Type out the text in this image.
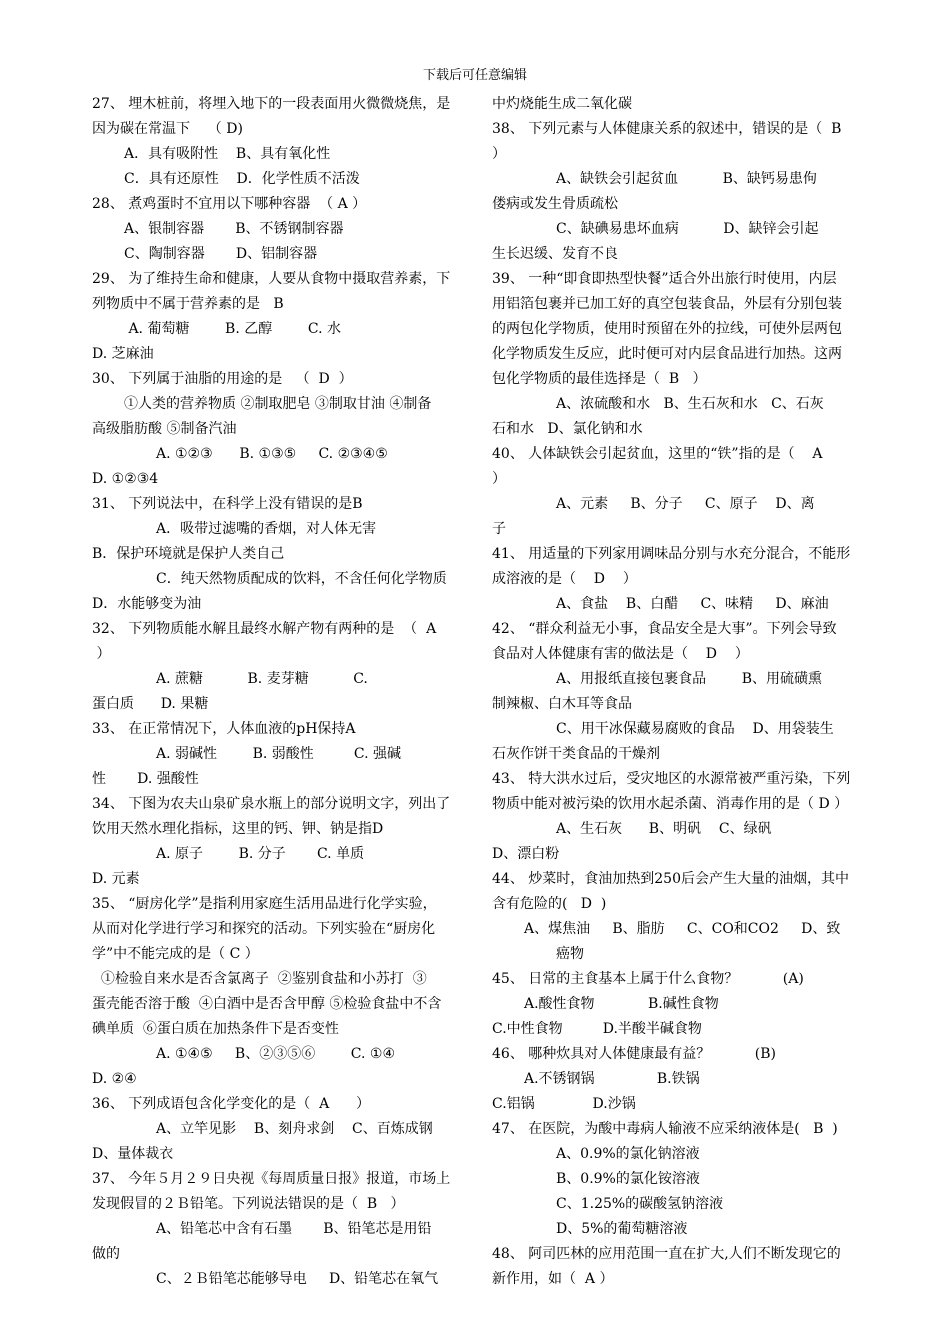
下载后可任意编辑
27、 埋木桩前，将埋入地下的一段表面用火微微烧焦，是
因为碳在常温下    （ D)
A．具有吸附性    B、具有氧化性
C．具有还原性    D．化学性质不活泼
28、 煮鸡蛋时不宜用以下哪种容器  （ A ）
A、银制容器       B、不锈钢制容器
C、陶制容器       D、铝制容器
29、 为了维持生命和健康，人要从食物中摄取营养素，下
列物质中不属于营养素的是   B
A. 葡萄糖        B. 乙醇        C. 水
D. 芝麻油
30、 下列属于油脂的用途的是   （  D  ）
①人类的营养物质 ②制取肥皂 ③制取甘油 ④制备
高级脂肪酸 ⑤制备汽油
A. ①②③      B. ①③⑤     C. ②③④⑤
D. ①②③4
31、 下列说法中，在科学上没有错误的是B
A．吸带过滤嘴的香烟，对人体无害
B．保护环境就是保护人类自己
C．纯天然物质配成的饮料，不含任何化学物质
D．水能够变为油
32、 下列物质能水解且最终水解产物有两种的是  （  A
）
A. 蔗糖          B. 麦芽糖          C.
蛋白质      D. 果糖
33、 在正常情况下，人体血液的pH保持A
A. 弱碱性        B. 弱酸性         C. 强碱
性       D. 强酸性
34、 下图为农夫山泉矿泉水瓶上的部分说明文字，列出了
饮用天然水理化指标，这里的钙、钾、钠是指D
A. 原子        B. 分子       C. 单质
D. 元素
35、 “厨房化学”是指利用家庭生活用品进行化学实验，
从而对化学进行学习和探究的活动。下列实验在“厨房化
学”中不能完成的是（ C ）
①检验自来水是否含氯离子  ②鉴别食盐和小苏打  ③
蛋壳能否溶于酸  ④白酒中是否含甲醇 ⑤检验食盐中不含
碘单质  ⑥蛋白质在加热条件下是否变性
A. ①④⑤     B、②③⑤⑥        C. ①④
D. ②④
36、 下列成语包含化学变化的是（  A      ）
A、立竿见影    B、刻舟求剑    C、百炼成钢
D、量体裁衣
37、 今年５月２９日央视《每周质量日报》报道，市场上
发现假冒的２Ｂ铅笔。下列说法错误的是（  B   ）
A、铅笔芯中含有石墨       B、铅笔芯是用铅
做的
C、２Ｂ铅笔芯能够导电     D、铅笔芯在氧气
中灼烧能生成二氧化碳
38、 下列元素与人体健康关系的叙述中，错误的是（  B
）
A、缺铁会引起贫血          B、缺钙易患佝
偻病或发生骨质疏松
C、缺碘易患坏血病          D、缺锌会引起
生长迟缓、发育不良
39、 一种“即食即热型快餐”适合外出旅行时使用，内层
用铝箔包裹并已加工好的真空包装食品，外层有分别包装
的两包化学物质，使用时预留在外的拉线，可使外层两包
化学物质发生反应，此时便可对内层食品进行加热。这两
包化学物质的最佳选择是（  B   ）
A、浓硫酸和水   B、生石灰和水   C、石灰
石和水   D、氯化钠和水
40、 人体缺铁会引起贫血，这里的“铁”指的是（    A
）
A、元素     B、分子     C、原子    D、离
子
41、 用适量的下列家用调味品分别与水充分混合，不能形
成溶液的是（    D    ）
A、食盐    B、白醋     C、味精     D、麻油
42、 “群众利益无小事，食品安全是大事”。下列会导致
食品对人体健康有害的做法是（    D    ）
A、用报纸直接包裹食品        B、用硫磺熏
制辣椒、白木耳等食品
C、用干冰保藏易腐败的食品    D、用袋装生
石灰作饼干类食品的干燥剂
43、 特大洪水过后，受灾地区的水源常被严重污染，下列
物质中能对被污染的饮用水起杀菌、消毒作用的是（ D ）
A、生石灰      B、明矾    C、绿矾
D、漂白粉
44、 炒菜时，食油加热到250后会产生大量的油烟，其中
含有危险的(   D  )
A、煤焦油     B、脂肪     C、CO和CO2     D、致
癌物
45、 日常的主食基本上属于什么食物？          (A)
A.酸性食物            B.碱性食物
C.中性食物         D.半酸半碱食物
46、 哪种炊具对人体健康最有益？          (B)
A.不锈钢锅              B.铁锅
C.铝锅             D.沙锅
47、 在医院，为酸中毒病人输液不应采纳液体是(   B  )
A、0.9%的氯化钠溶液
B、0.9%的氯化铵溶液
C、1.25%的碳酸氢钠溶液
D、5%的葡萄糖溶液
48、 阿司匹林的应用范围一直在扩大,人们不断发现它的
新作用，如（  A ）
